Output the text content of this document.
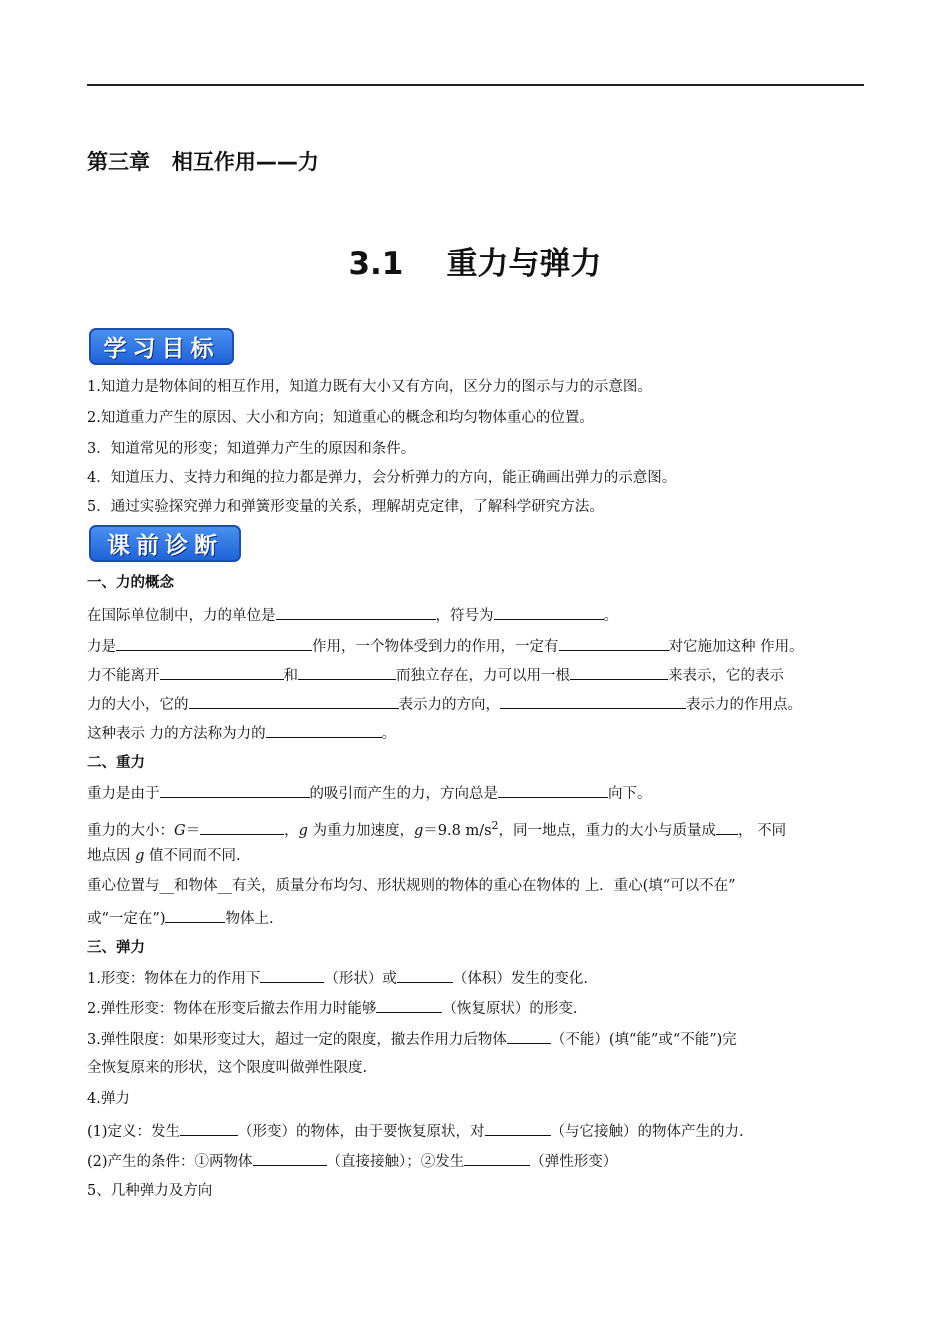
第三章   相互作用——力
3.1    重力与弹力
学习目标
1.知道力是物体间的相互作用，知道力既有大小又有方向，区分力的图示与力的示意图。
2.知道重力产生的原因、大小和方向；知道重心的概念和均匀物体重心的位置。
3．知道常见的形变；知道弹力产生的原因和条件。
4．知道压力、支持力和绳的拉力都是弹力，会分析弹力的方向，能正确画出弹力的示意图。
5．通过实验探究弹力和弹簧形变量的关系，理解胡克定律，了解科学研究方法。
课前诊断
一、力的概念
在国际单位制中，力的单位是	，符号为	。
力是	作用，一个物体受到力的作用，一定有	对它施加这种 作用。
力不能离开	和	而独立存在，力可以用一根	来表示，它的表示
力的大小，它的	表示力的方向，	表示力的作用点。
这种表示 力的方法称为力的	。
二、重力
重力是由于	的吸引而产生的力，方向总是	向下。
重力的大小：G＝	，g 为重力加速度，g＝9.8 $m/s^2$，同一地点，重力的大小与质量成 ， 不同
地点因 g 值不同而不同.
重心位置与__和物体__有关，质量分布均匀、形状规则的物体的重心在物体的 上．重心(填“可以不在”
或“一定在”)	物体上.
三、弹力
1.形变：物体在力的作用下	（形状）或	（体积）发生的变化.
2.弹性形变：物体在形变后撤去作用力时能够	（恢复原状）的形变.
3.弹性限度：如果形变过大，超过一定的限度，撤去作用力后物体	（不能）(填“能”或“不能”)完
全恢复原来的形状，这个限度叫做弹性限度.
4.弹力
(1)定义：发生	（形变）的物体，由于要恢复原状，对	（与它接触）的物体产生的力.
(2)产生的条件：①两物体	（直接接触）；②发生	（弹性形变）
5、几种弹力及方向
